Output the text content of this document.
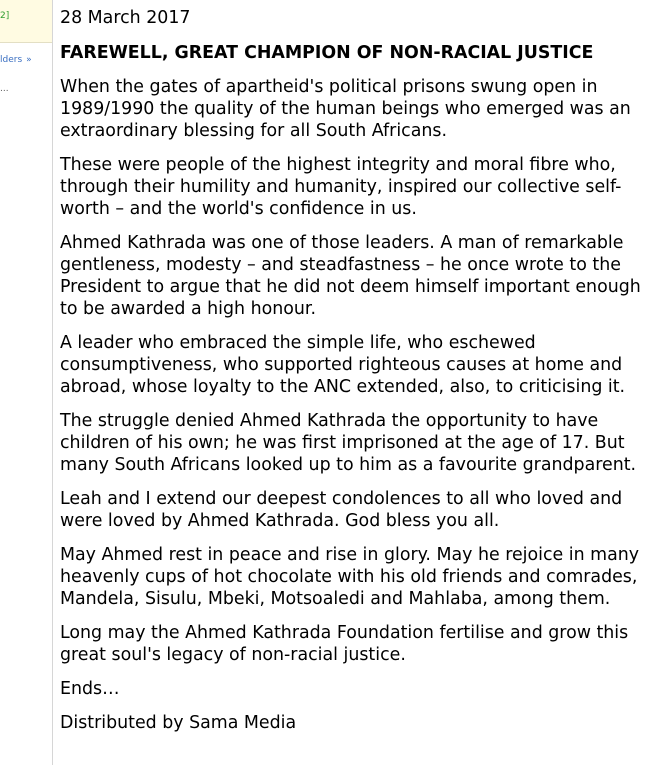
2]
lders »
...

28 March 2017

FAREWELL, GREAT CHAMPION OF NON-RACIAL JUSTICE

When the gates of apartheid's political prisons swung open in 1989/1990 the quality of the human beings who emerged was an extraordinary blessing for all South Africans.

These were people of the highest integrity and moral fibre who, through their humility and humanity, inspired our collective self-worth – and the world's confidence in us.

Ahmed Kathrada was one of those leaders. A man of remarkable gentleness, modesty – and steadfastness – he once wrote to the President to argue that he did not deem himself important enough to be awarded a high honour.

A leader who embraced the simple life, who eschewed consumptiveness, who supported righteous causes at home and abroad, whose loyalty to the ANC extended, also, to criticising it.

The struggle denied Ahmed Kathrada the opportunity to have children of his own; he was first imprisoned at the age of 17. But many South Africans looked up to him as a favourite grandparent.

Leah and I extend our deepest condolences to all who loved and were loved by Ahmed Kathrada. God bless you all.

May Ahmed rest in peace and rise in glory. May he rejoice in many heavenly cups of hot chocolate with his old friends and comrades, Mandela, Sisulu, Mbeki, Motsoaledi and Mahlaba, among them.

Long may the Ahmed Kathrada Foundation fertilise and grow this great soul's legacy of non-racial justice.

Ends…

Distributed by Sama Media
